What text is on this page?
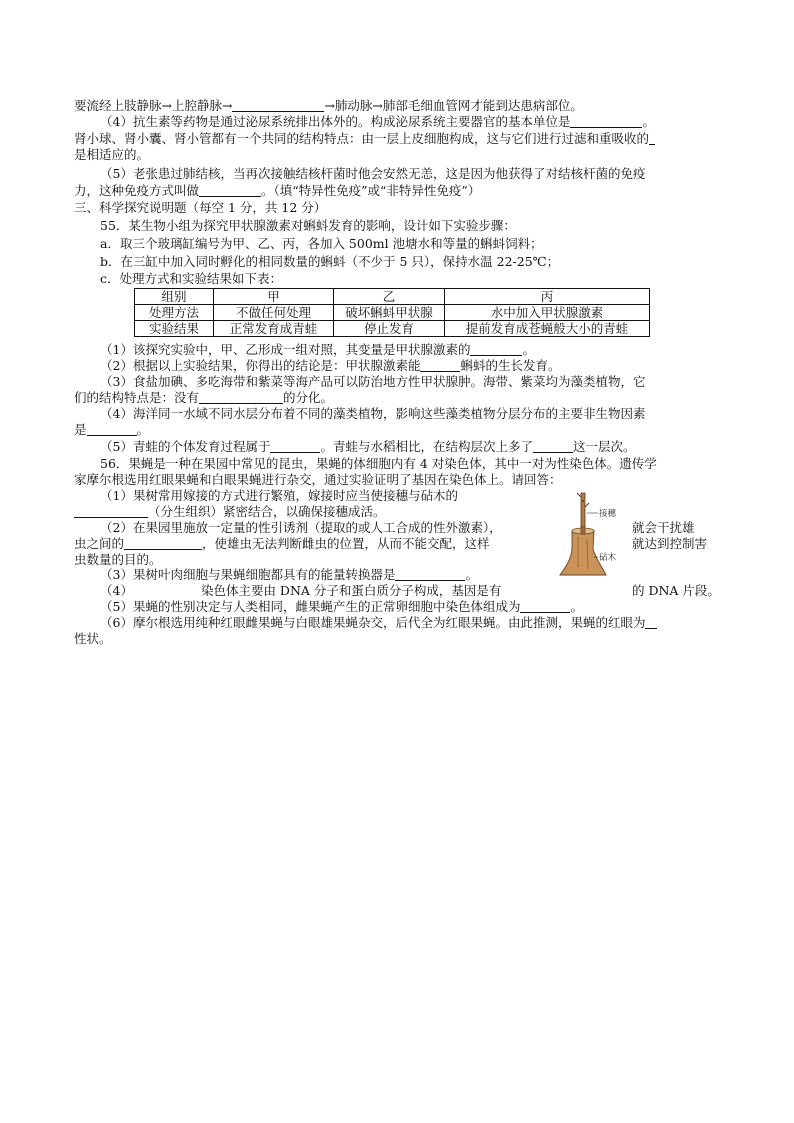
要流经上肢静脉→上腔静脉→	→肺动脉→肺部毛细血管网才能到达患病部位。
（4）抗生素等药物是通过泌尿系统排出体外的。构成泌尿系统主要器官的基本单位是	。
肾小球、肾小囊、肾小管都有一个共同的结构特点：由一层上皮细胞构成，这与它们进行过滤和重吸收的
是相适应的。
（5）老张患过肺结核，当再次接触结核杆菌时他会安然无恙，这是因为他获得了对结核杆菌的免疫
力，这种免疫方式叫做	。（填“特异性免疫”或“非特异性免疫”）
三、科学探究说明题（每空 1 分，共 12 分）
55．某生物小组为探究甲状腺激素对蝌蚪发育的影响，设计如下实验步骤：
a．取三个玻璃缸编号为甲、乙、丙，各加入 500ml 池塘水和等量的蝌蚪饲料；
b．在三缸中加入同时孵化的相同数量的蝌蚪（不少于 5 只），保持水温 22-25℃；
c．处理方式和实验结果如下表：
组别	甲	乙	丙
处理方法	不做任何处理	破坏蝌蚪甲状腺	水中加入甲状腺激素
实验结果	正常发育成青蛙	停止发育	提前发育成苍蝇般大小的青蛙
（1）该探究实验中，甲、乙形成一组对照，其变量是甲状腺激素的	。
（2）根据以上实验结果，你得出的结论是：甲状腺激素能	蝌蚪的生长发育。
（3）食盐加碘、多吃海带和紫菜等海产品可以防治地方性甲状腺肿。海带、紫菜均为藻类植物，它
们的结构特点是：没有	的分化。
（4）海洋同一水域不同水层分布着不同的藻类植物，影响这些藻类植物分层分布的主要非生物因素
是	。
（5）青蛙的个体发育过程属于	。青蛙与水稻相比，在结构层次上多了	这一层次。
56．果蝇是一种在果园中常见的昆虫，果蝇的体细胞内有 4 对染色体，其中一对为性染色体。遗传学
家摩尔根选用红眼果蝇和白眼果蝇进行杂交，通过实验证明了基因在染色体上。请回答：
（1）果树常用嫁接的方式进行繁殖，嫁接时应当使接穗与砧木的
（分生组织）紧密结合，以确保接穗成活。
（2）在果园里施放一定量的性引诱剂（提取的或人工合成的性外激素），	就会干扰雄
虫之间的	，使雄虫无法判断雌虫的位置，从而不能交配，这样	就达到控制害
虫数量的目的。
（3）果树叶肉细胞与果蝇细胞都具有的能量转换器是	。
（4）	染色体主要由 DNA 分子和蛋白质分子构成，基因是有	的 DNA 片段。
（5）果蝇的性别决定与人类相同，雌果蝇产生的正常卵细胞中染色体组成为	。
（6）摩尔根选用纯种红眼雌果蝇与白眼雄果蝇杂交，后代全为红眼果蝇。由此推测，果蝇的红眼为
性状。
接穗
砧木
